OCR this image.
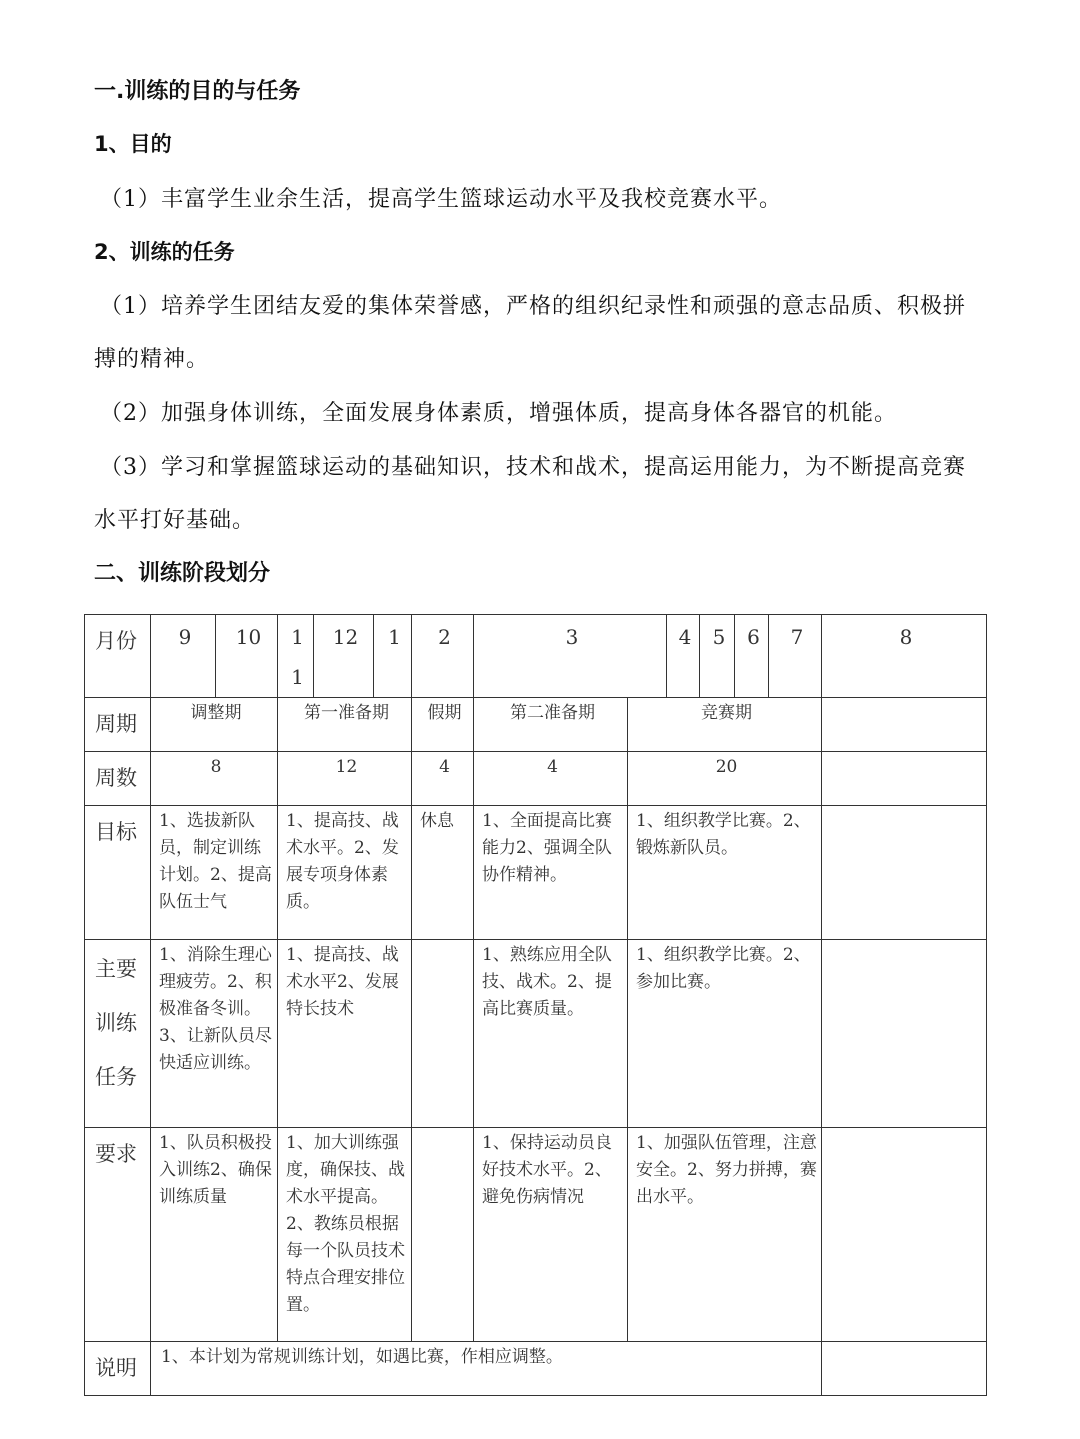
一.训练的目的与任务
1、目的
（1）丰富学生业余生活，提高学生篮球运动水平及我校竞赛水平。
2、训练的任务
（1）培养学生团结友爱的集体荣誉感，严格的组织纪录性和顽强的意志品质、积极拼
搏的精神。
（2）加强身体训练，全面发展身体素质，增强体质，提高身体各器官的机能。
（3）学习和掌握篮球运动的基础知识，技术和战术，提高运用能力，为不断提高竞赛
水平打好基础。
二、训练阶段划分
月份	9	10	11	12	1	2	3		4	5	6	7	8	
周期	调整期		第一准备期			假期	第二准备期	竞赛期						
周数	8		12			4	4	20						
目标	1、选拔新队员，制定训练计划。2、提高队伍士气		1、提高技、战术水平。2、发展专项身体素质。			休息	1、全面提高比赛能力2、强调全队协作精神。	1、组织教学比赛。2、锻炼新队员。						

主要
训练
任务	1、消除生理心理疲劳。2、积极准备冬训。3、让新队员尽快适应训练。		1、提高技、战术水平2、发展特长技术				1、熟练应用全队技、战术。2、提高比赛质量。	1、组织教学比赛。2、参加比赛。						
要求	1、队员积极投入训练2、确保训练质量		1、加大训练强度，确保技、战术水平提高。2、教练员根据每一个队员技术特点合理安排位置。				1、保持运动员良好技术水平。2、避免伤病情况	1、加强队伍管理，注意安全。2、努力拼搏，赛出水平。						
说明	1、本计划为常规训练计划，如遇比赛，作相应调整。													
